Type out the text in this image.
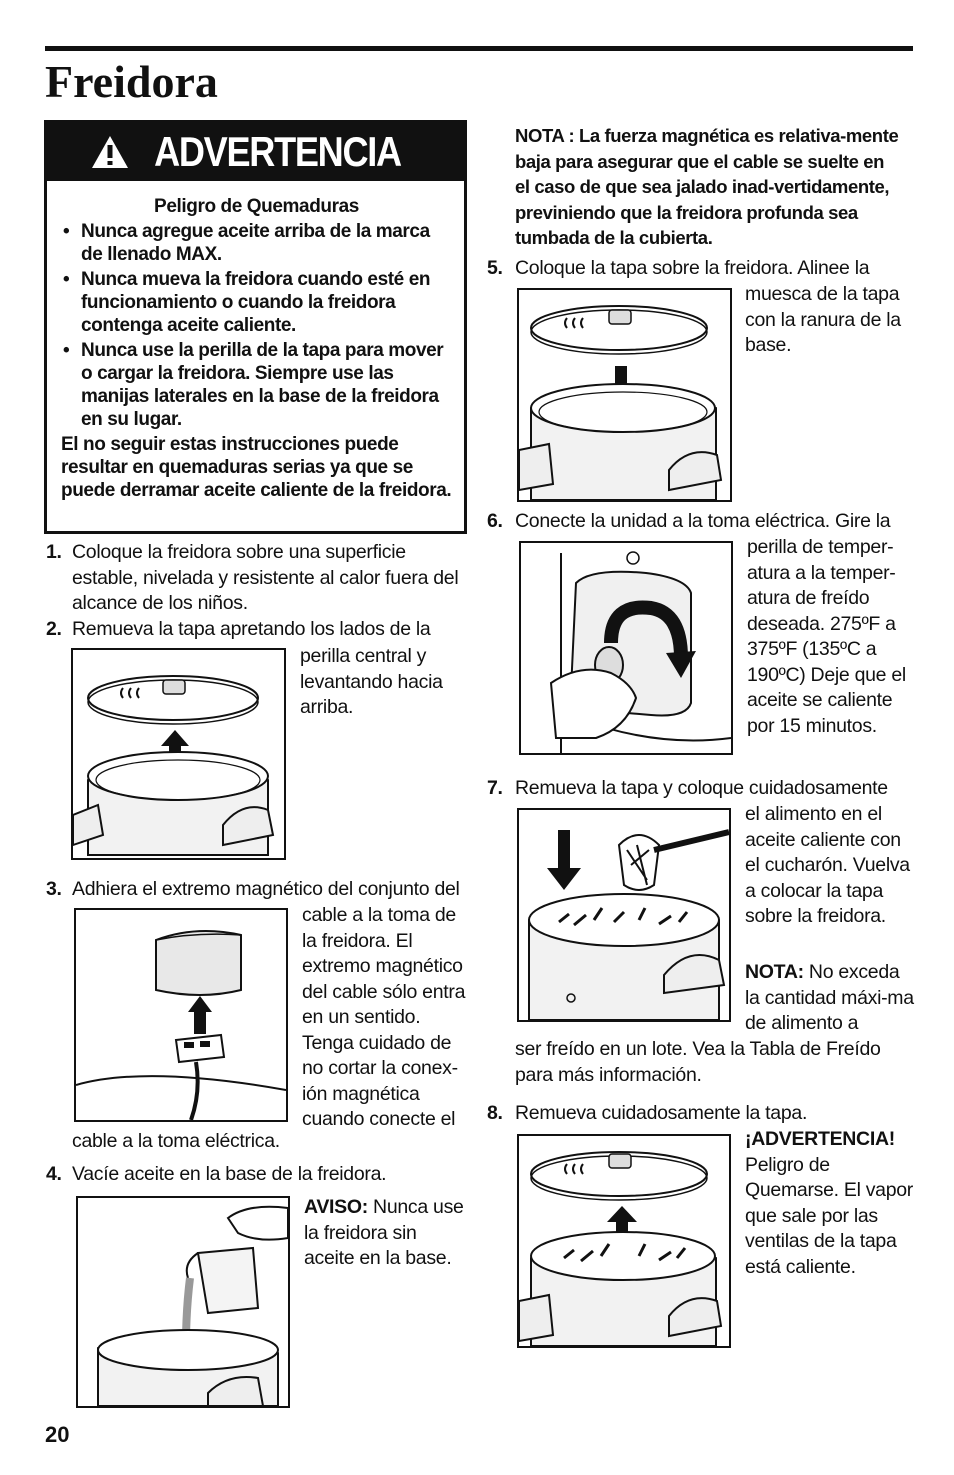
Freidora
ADVERTENCIA
Peligro de Quemaduras
• Nunca agregue aceite arriba de la marca de llenado MAX.
• Nunca mueva la freidora cuando esté en funcionamiento o cuando la freidora contenga aceite caliente.
• Nunca use la perilla de la tapa para mover o cargar la freidora. Siempre use las manijas laterales en la base de la freidora en su lugar.
El no seguir estas instrucciones puede resultar en quemaduras serias ya que se puede derramar aceite caliente de la freidora.
1. Coloque la freidora sobre una superficie estable, nivelada y resistente al calor fuera del alcance de los niños.
2. Remueva la tapa apretando los lados de la
perilla central y levantando hacia arriba.
3. Adhiera el extremo magnético del conjunto del
cable a la toma de la freidora. El extremo magnético del cable sólo entra en un sentido. Tenga cuidado de no cortar la conex-ión magnética cuando conecte el
cable a la toma eléctrica.
4. Vacíe aceite en la base de la freidora.
AVISO: Nunca use la freidora sin aceite en la base.
NOTA : La fuerza magnética es relativa-mente baja para asegurar que el cable se suelte en el caso de que sea jalado inad-vertidamente, previniendo que la freidora profunda sea tumbada de la cubierta.
5. Coloque la tapa sobre la freidora. Alinee la
muesca de la tapa con la ranura de la base.
6. Conecte la unidad a la toma eléctrica. Gire la
perilla de temper-atura a la temper-atura de freído deseada. 275ºF a 375ºF (135ºC a 190ºC) Deje que el aceite se caliente por 15 minutos.
7. Remueva la tapa y coloque cuidadosamente
el alimento en el aceite caliente con el cucharón. Vuelva a colocar la tapa sobre la freidora.
NOTA: No exceda la cantidad máxi-ma de alimento a
ser freído en un lote. Vea la Tabla de Freído para más información.
8. Remueva cuidadosamente la tapa.
¡ADVERTENCIA!
Peligro de Quemarse. El vapor que sale por las ventilas de la tapa está caliente.
20
